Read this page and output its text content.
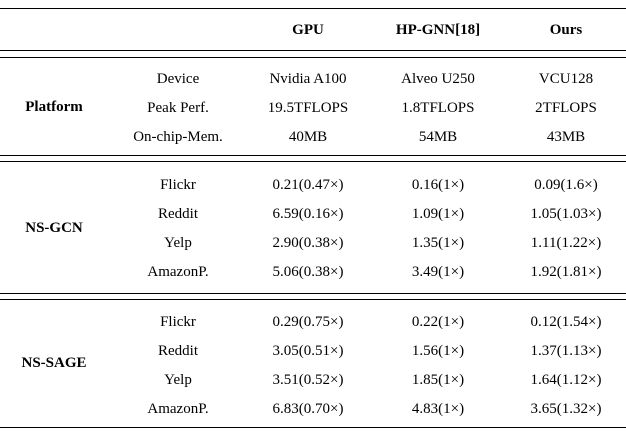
GPU	HP-GNN[18]	Ours
Platform
Device	Nvidia A100	Alveo U250	VCU128
Peak Perf.	19.5TFLOPS	1.8TFLOPS	2TFLOPS
On-chip-Mem.	40MB	54MB	43MB
NS-GCN
Flickr	0.21(0.47×)	0.16(1×)	0.09(1.6×)
Reddit	6.59(0.16×)	1.09(1×)	1.05(1.03×)
Yelp	2.90(0.38×)	1.35(1×)	1.11(1.22×)
AmazonP.	5.06(0.38×)	3.49(1×)	1.92(1.81×)
NS-SAGE
Flickr	0.29(0.75×)	0.22(1×)	0.12(1.54×)
Reddit	3.05(0.51×)	1.56(1×)	1.37(1.13×)
Yelp	3.51(0.52×)	1.85(1×)	1.64(1.12×)
AmazonP.	6.83(0.70×)	4.83(1×)	3.65(1.32×)
